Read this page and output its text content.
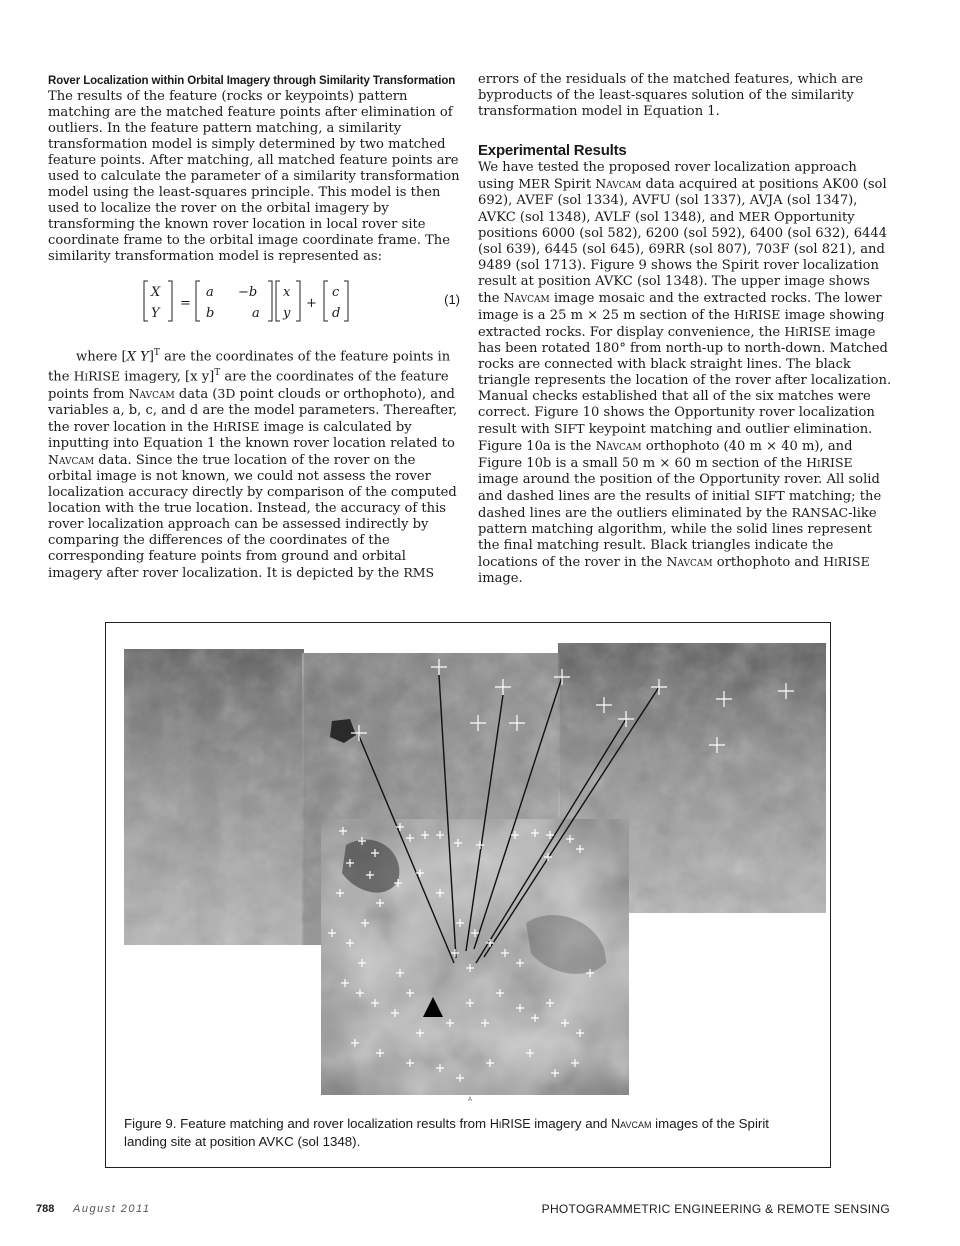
Rover Localization within Orbital Imagery through Similarity Transformation

The results of the feature (rocks or keypoints) pattern matching are the matched feature points after elimination of outliers. In the feature pattern matching, a similarity transformation model is simply determined by two matched feature points. After matching, all matched feature points are used to calculate the parameter of a similarity transformation model using the least-squares principle. This model is then used to localize the rover on the orbital imagery by transforming the known rover location in local rover site coordinate frame to the orbital image coordinate frame. The similarity transformation model is represented as:

X
Y
=
a −b
b	a
x
y
+
c
d
(1)

where [X Y]$^T$ are the coordinates of the feature points in the HiRISE imagery, [x y]$^T$ are the coordinates of the feature points from Navcam data (3D point clouds or orthophoto), and variables a, b, c, and d are the model parameters. Thereafter, the rover location in the HiRISE image is calculated by inputting into Equation 1 the known rover location related to Navcam data. Since the true location of the rover on the orbital image is not known, we could not assess the rover localization accuracy directly by comparison of the computed location with the true location. Instead, the accuracy of this rover localization approach can be assessed indirectly by comparing the differences of the coordinates of the corresponding feature points from ground and orbital imagery after rover localization. It is depicted by the RMS

errors of the residuals of the matched features, which are byproducts of the least-squares solution of the similarity transformation model in Equation 1.

Experimental Results

We have tested the proposed rover localization approach using MER Spirit Navcam data acquired at positions AK00 (sol 692), AVEF (sol 1334), AVFU (sol 1337), AVJA (sol 1347), AVKC (sol 1348), AVLF (sol 1348), and MER Opportunity positions 6000 (sol 582), 6200 (sol 592), 6400 (sol 632), 6444 (sol 639), 6445 (sol 645), 69RR (sol 807), 703F (sol 821), and 9489 (sol 1713). Figure 9 shows the Spirit rover localization result at position AVKC (sol 1348). The upper image shows the Navcam image mosaic and the extracted rocks. The lower image is a 25 m × 25 m section of the HiRISE image showing extracted rocks. For display convenience, the HiRISE image has been rotated 180° from north-up to north-down. Matched rocks are connected with black straight lines. The black triangle represents the location of the rover after localization. Manual checks established that all of the six matches were correct. Figure 10 shows the Opportunity rover localization result with SIFT keypoint matching and outlier elimination. Figure 10a is the Navcam orthophoto (40 m × 40 m), and Figure 10b is a small 50 m × 60 m section of the HiRISE image around the position of the Opportunity rover. All solid and dashed lines are the results of initial SIFT matching; the dashed lines are the outliers eliminated by the RANSAC-like pattern matching algorithm, while the solid lines represent the final matching result. Black triangles indicate the locations of the rover in the Navcam orthophoto and HiRISE image.

A
Figure 9. Feature matching and rover localization results from HiRISE imagery and Navcam images of the Spirit landing site at position AVKC (sol 1348).
788 August 2011	PHOTOGRAMMETRIC ENGINEERING & REMOTE SENSING
